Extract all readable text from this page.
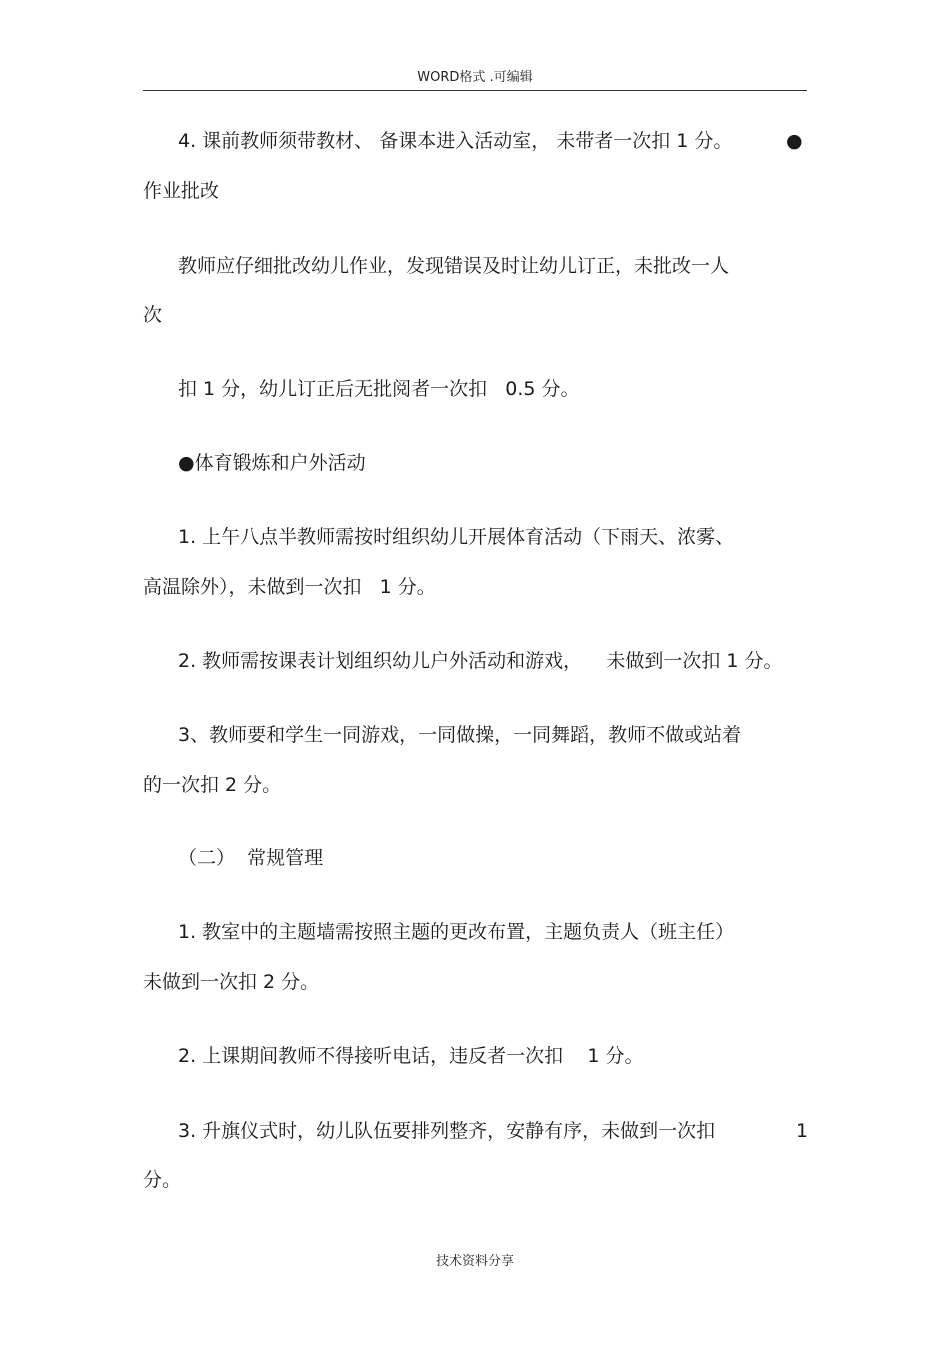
WORD格式 .可编辑
4. 课前教师须带教材、 备课本进入活动室， 未带者一次扣 1 分。	●
作业批改
教师应仔细批改幼儿作业，发现错误及时让幼儿订正，未批改一人
次
扣 1 分，幼儿订正后无批阅者一次扣   0.5 分。
●体育锻炼和户外活动
1. 上午八点半教师需按时组织幼儿开展体育活动（下雨天、浓雾、
高温除外），未做到一次扣   1 分。
2. 教师需按课表计划组织幼儿户外活动和游戏，    未做到一次扣 1 分。
3、教师要和学生一同游戏，一同做操，一同舞蹈，教师不做或站着
的一次扣 2 分。
（二）  常规管理
1. 教室中的主题墙需按照主题的更改布置，主题负责人（班主任）
未做到一次扣 2 分。
2. 上课期间教师不得接听电话，违反者一次扣    1 分。
3. 升旗仪式时，幼儿队伍要排列整齐，安静有序，未做到一次扣	1
分。
技术资料分享
